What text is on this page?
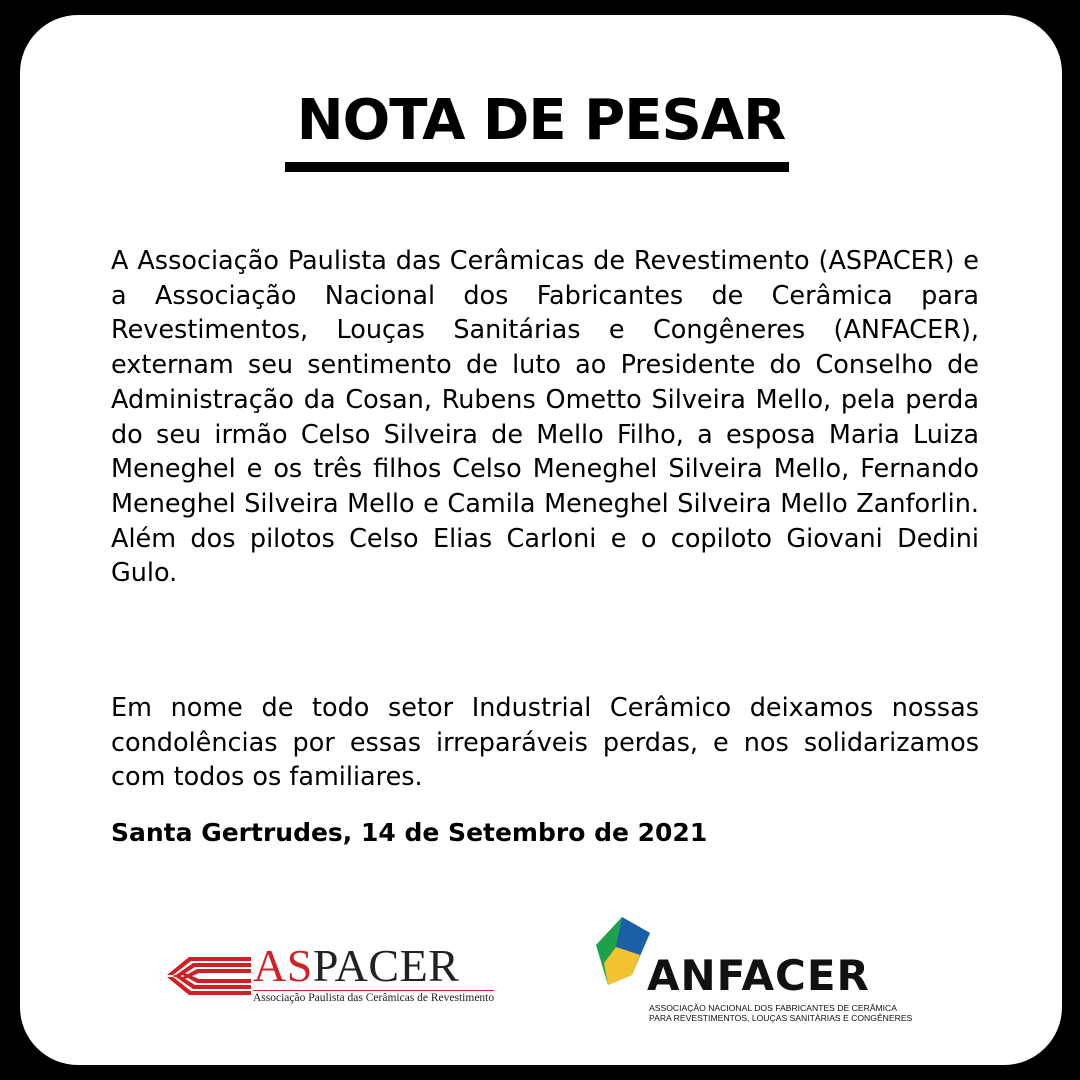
NOTA DE PESAR

A Associação Paulista das Cerâmicas de Revestimento (ASPACER) e a Associação Nacional dos Fabricantes de Cerâmica para Revestimentos, Louças Sanitárias e Congêneres (ANFACER), externam seu sentimento de luto ao Presidente do Conselho de Administração da Cosan, Rubens Ometto Silveira Mello, pela perda do seu irmão Celso Silveira de Mello Filho, a esposa Maria Luiza Meneghel e os três filhos Celso Meneghel Silveira Mello, Fernando Meneghel Silveira Mello e Camila Meneghel Silveira Mello Zanforlin. Além dos pilotos Celso Elias Carloni e o copiloto Giovani Dedini Gulo.

Em nome de todo setor Industrial Cerâmico deixamos nossas condolências por essas irreparáveis perdas, e nos solidarizamos com todos os familiares.

Santa Gertrudes, 14 de Setembro de 2021

ASPACER
Associação Paulista das Cerâmicas de Revestimento	ANFACER
ASSOCIAÇÃO NACIONAL DOS FABRICANTES DE CERÂMICA
PARA REVESTIMENTOS, LOUÇAS SANITÁRIAS E CONGÊNERES
